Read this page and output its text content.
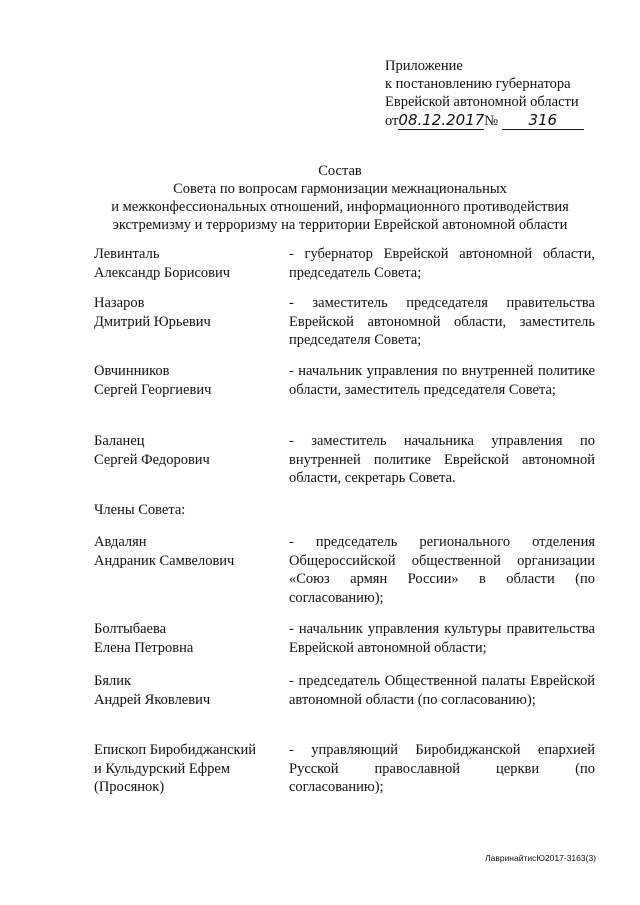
Приложение
к постановлению губернатора
Еврейской автономной области
от08.12.2017№ 316
Состав
Совета по вопросам гармонизации межнациональных
и межконфессиональных отношений, информационного противодействия
экстремизму и терроризму на территории Еврейской автономной области
Левинталь
Александр Борисович
- губернатор Еврейской автономной области, председатель Совета;
Назаров
Дмитрий Юрьевич
- заместитель председателя правительства Еврейской автономной области, заместитель председателя Совета;
Овчинников
Сергей Георгиевич
- начальник управления по внутренней политике области, заместитель председателя Совета;
Баланец
Сергей Федорович
- заместитель начальника управления по внутренней политике Еврейской автономной области, секретарь Совета.
Члены Совета:
Авдалян
Андраник Самвелович
- председатель регионального отделения Общероссийской общественной организации «Союз армян России» в области (по согласованию);
Болтыбаева
Елена Петровна
- начальник управления культуры правительства Еврейской автономной области;
Бялик
Андрей Яковлевич
- председатель Общественной палаты Еврейской автономной области (по согласованию);
Епископ Биробиджанский
и Кульдурский Ефрем
(Просянок)
- управляющий Биробиджанской епархией Русской православной церкви (по согласованию);
ЛавринайтисЮ2017-3163(3)
